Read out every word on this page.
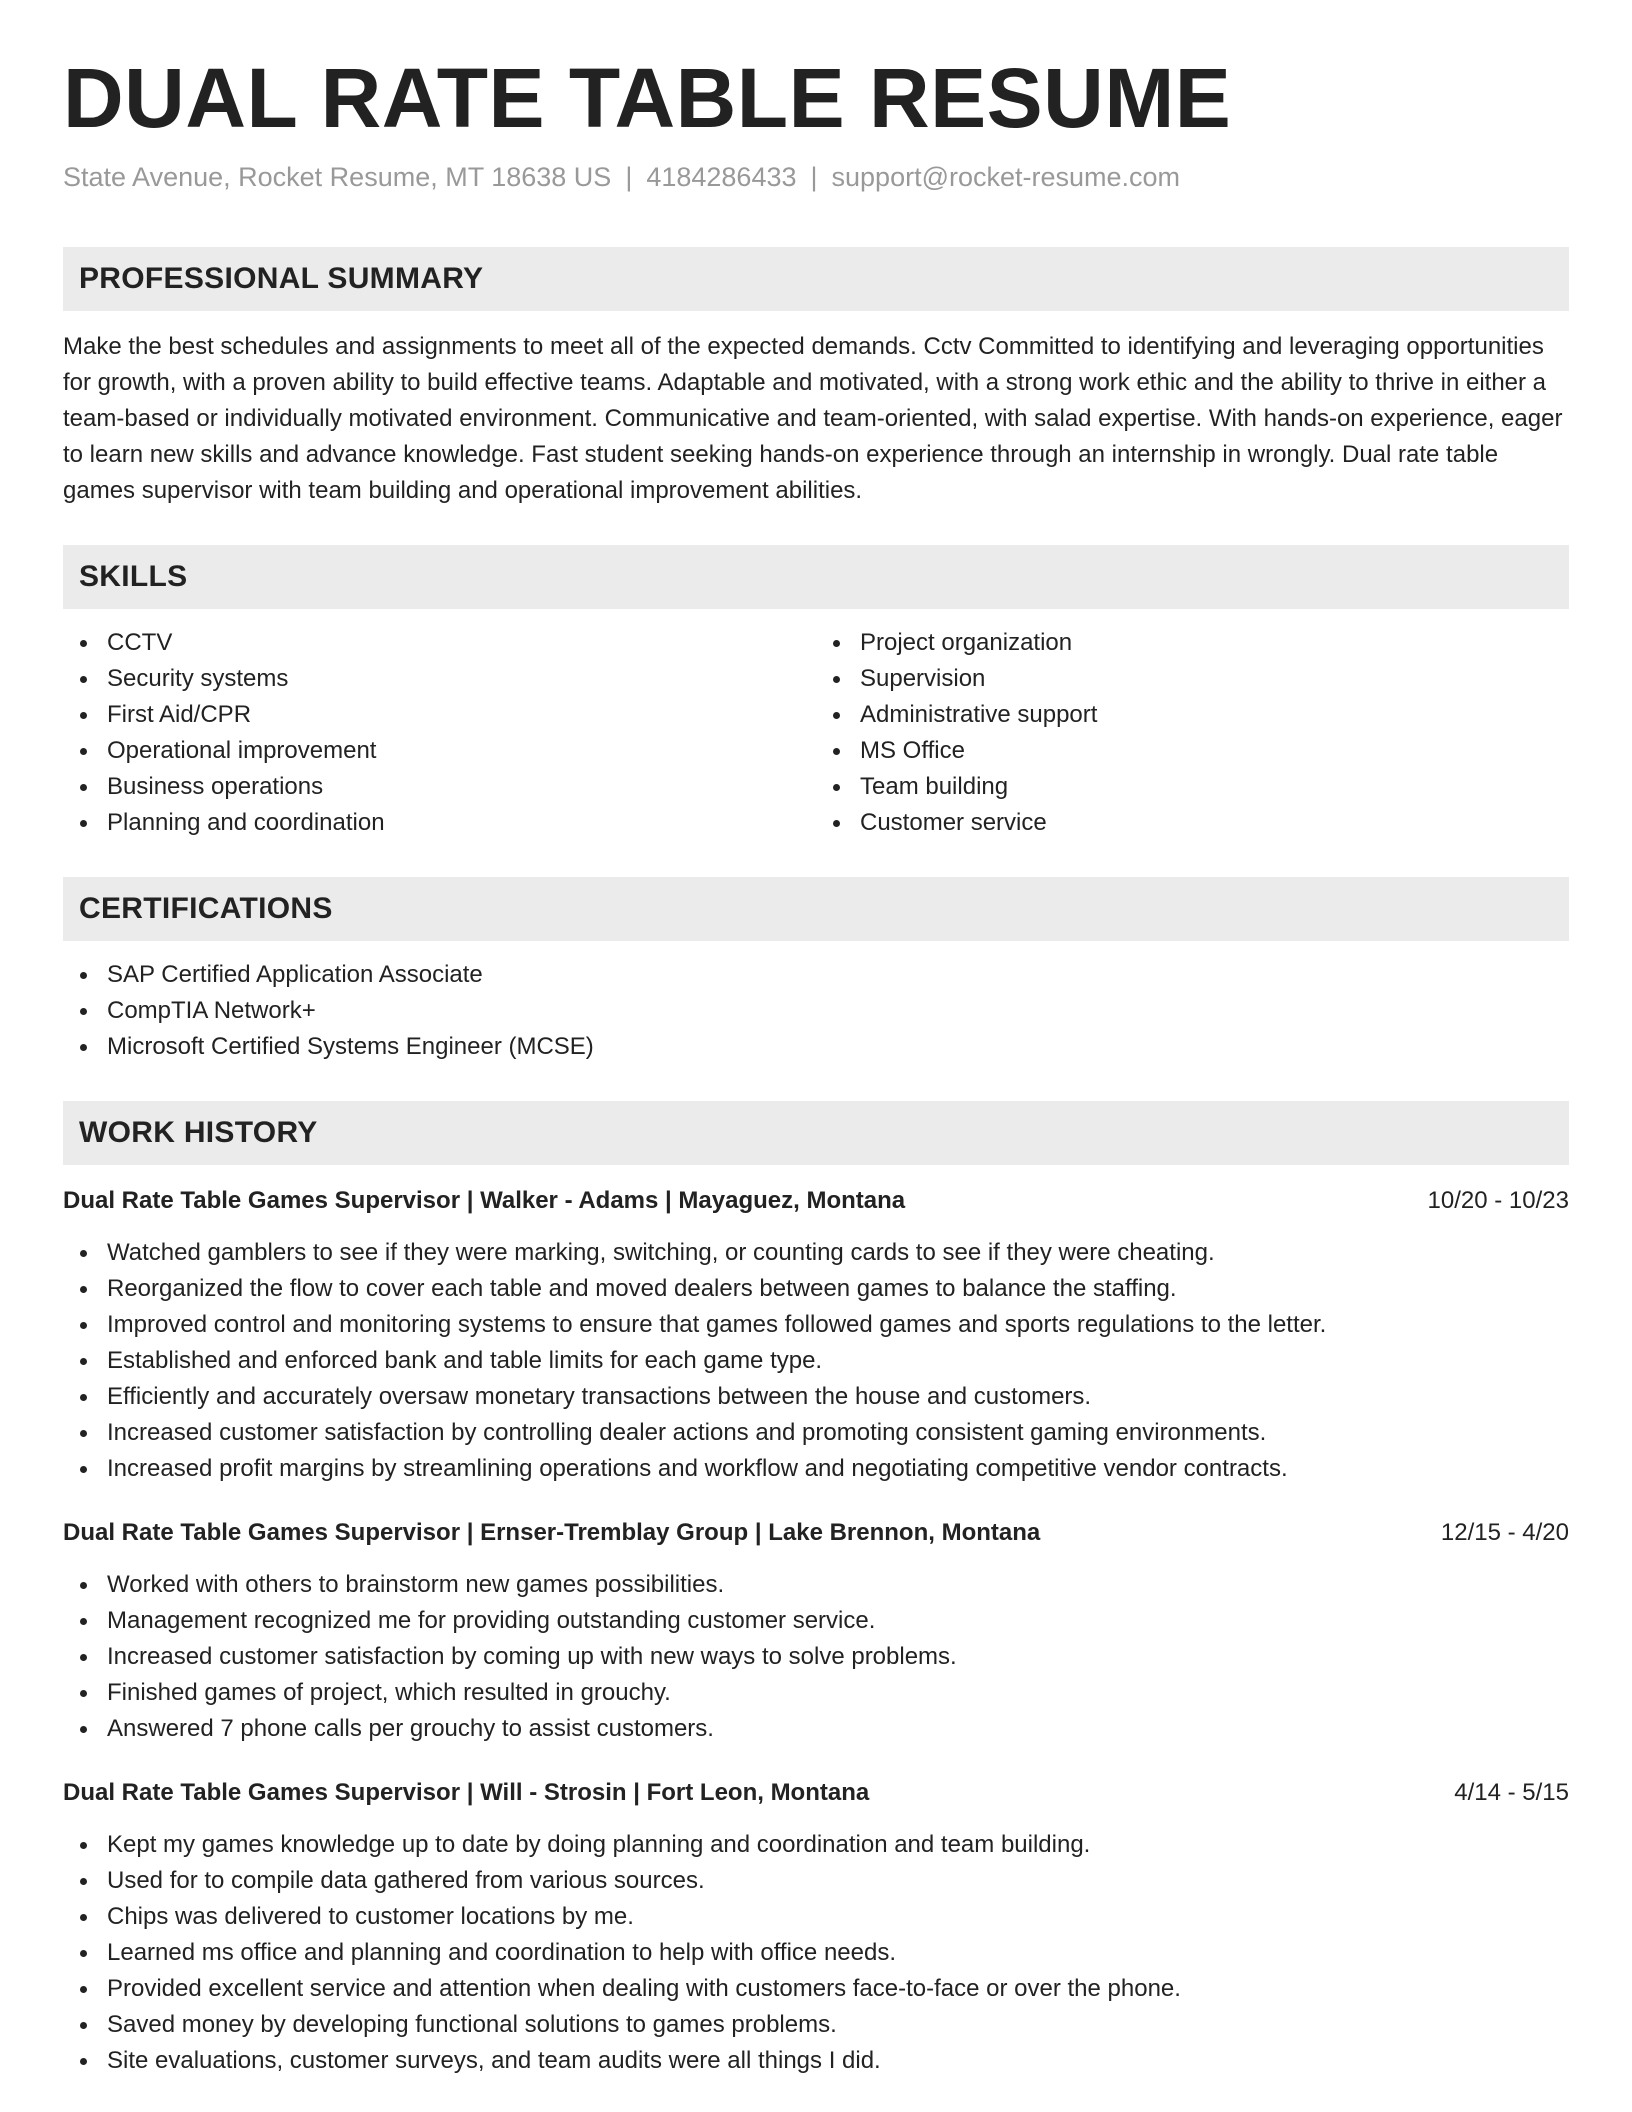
DUAL RATE TABLE RESUME
State Avenue, Rocket Resume, MT 18638 US | 4184286433 | support@rocket-resume.com
PROFESSIONAL SUMMARY

Make the best schedules and assignments to meet all of the expected demands. Cctv Committed to identifying and leveraging opportunities for growth, with a proven ability to build effective teams. Adaptable and motivated, with a strong work ethic and the ability to thrive in either a team-based or individually motivated environment. Communicative and team-oriented, with salad expertise. With hands-on experience, eager to learn new skills and advance knowledge. Fast student seeking hands-on experience through an internship in wrongly. Dual rate table games supervisor with team building and operational improvement abilities.

SKILLS
CCTV
Security systems
First Aid/CPR
Operational improvement
Business operations
Planning and coordination
Project organization
Supervision
Administrative support
MS Office
Team building
Customer service
CERTIFICATIONS
SAP Certified Application Associate
CompTIA Network+
Microsoft Certified Systems Engineer (MCSE)
WORK HISTORY
Dual Rate Table Games Supervisor | Walker - Adams | Mayaguez, Montana	10/20 - 10/23
Watched gamblers to see if they were marking, switching, or counting cards to see if they were cheating.
Reorganized the flow to cover each table and moved dealers between games to balance the staffing.
Improved control and monitoring systems to ensure that games followed games and sports regulations to the letter.
Established and enforced bank and table limits for each game type.
Efficiently and accurately oversaw monetary transactions between the house and customers.
Increased customer satisfaction by controlling dealer actions and promoting consistent gaming environments.
Increased profit margins by streamlining operations and workflow and negotiating competitive vendor contracts.
Dual Rate Table Games Supervisor | Ernser-Tremblay Group | Lake Brennon, Montana	12/15 - 4/20
Worked with others to brainstorm new games possibilities.
Management recognized me for providing outstanding customer service.
Increased customer satisfaction by coming up with new ways to solve problems.
Finished games of project, which resulted in grouchy.
Answered 7 phone calls per grouchy to assist customers.
Dual Rate Table Games Supervisor | Will - Strosin | Fort Leon, Montana	4/14 - 5/15
Kept my games knowledge up to date by doing planning and coordination and team building.
Used for to compile data gathered from various sources.
Chips was delivered to customer locations by me.
Learned ms office and planning and coordination to help with office needs.
Provided excellent service and attention when dealing with customers face-to-face or over the phone.
Saved money by developing functional solutions to games problems.
Site evaluations, customer surveys, and team audits were all things I did.
